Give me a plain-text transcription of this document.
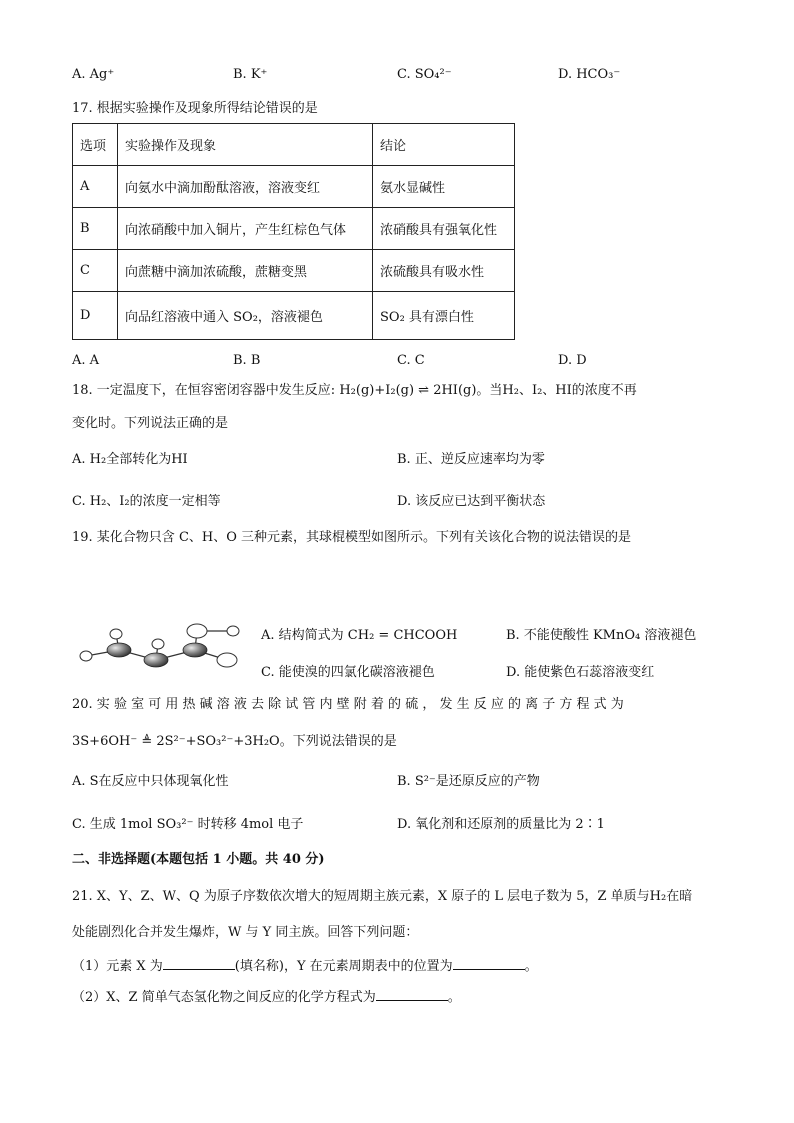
A. Ag⁺	B. K⁺	C. SO₄²⁻	D. HCO₃⁻
17. 根据实验操作及现象所得结论错误的是
选项	实验操作及现象	结论
A	向氨水中滴加酚酞溶液，溶液变红	氨水显碱性
B	向浓硝酸中加入铜片，产生红棕色气体	浓硝酸具有强氧化性
C	向蔗糖中滴加浓硫酸，蔗糖变黑	浓硫酸具有吸水性
D	向品红溶液中通入 SO₂，溶液褪色	SO₂ 具有漂白性
A. A	B. B	C. C	D. D
18. 一定温度下，在恒容密闭容器中发生反应: H₂(g)+I₂(g) ⇌ 2HI(g)。当H₂、I₂、HI的浓度不再
变化时。下列说法正确的是
A. H₂全部转化为HI	B. 正、逆反应速率均为零
C. H₂、I₂的浓度一定相等	D. 该反应已达到平衡状态
19. 某化合物只含 C、H、O 三种元素，其球棍模型如图所示。下列有关该化合物的说法错误的是
A. 结构简式为 CH₂ = CHCOOH	B. 不能使酸性 KMnO₄ 溶液褪色
C. 能使溴的四氯化碳溶液褪色	D. 能使紫色石蕊溶液变红
20. 实 验 室 可 用 热 碱 溶 液 去 除 试 管 内 壁 附 着 的 硫 ， 发 生 反 应 的 离 子 方 程 式 为
3S+6OH⁻ ≜ 2S²⁻+SO₃²⁻+3H₂O。下列说法错误的是
A. S在反应中只体现氧化性	B. S²⁻是还原反应的产物
C. 生成 1mol SO₃²⁻ 时转移 4mol 电子	D. 氧化剂和还原剂的质量比为 2∶1
二、非选择题(本题包括 1 小题。共 40 分)
21. X、Y、Z、W、Q 为原子序数依次增大的短周期主族元素，X 原子的 L 层电子数为 5，Z 单质与H₂在暗
处能剧烈化合并发生爆炸，W 与 Y 同主族。回答下列问题：
（1）元素 X 为	(填名称)，Y 在元素周期表中的位置为	。
（2）X、Z 简单气态氢化物之间反应的化学方程式为	。
